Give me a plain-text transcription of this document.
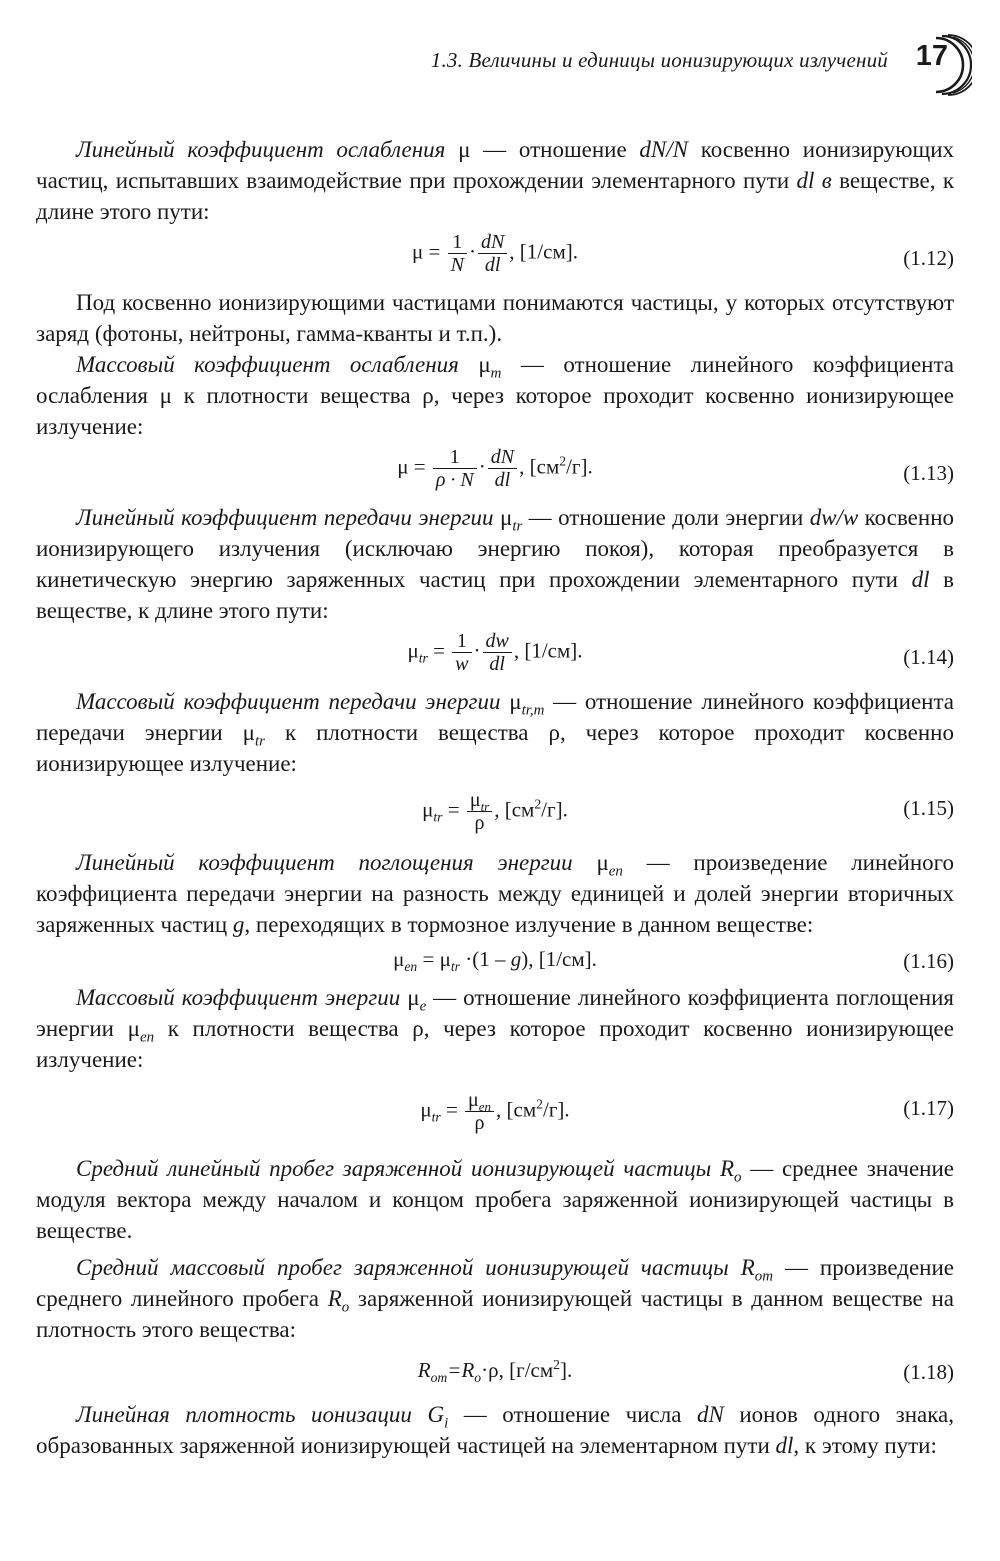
1.3. Величины и единицы ионизирующих излучений 17

Линейный коэффициент ослабления μ — отношение dN/N косвенно ионизирующих частиц, испытавших взаимодействие при прохождении элементарного пути dl в веществе, к длине этого пути:

$\mu = \frac{1}{N} \cdot \frac{dN}{dl}$ , [1/см].	(1.12)

Под косвенно ионизирующими частицами понимаются частицы, у которых отсутствуют заряд (фотоны, нейтроны, гамма-кванты и т.п.).

Массовый коэффициент ослабления $\mu_m$ — отношение линейного коэффициента ослабления μ к плотности вещества ρ, через которое проходит косвенно ионизирующее излучение:

$\mu = \frac{1}{\rho \cdot N} \cdot \frac{dN}{dl}$ , $[см^2/г]$.	(1.13)

Линейный коэффициент передачи энергии $\mu_{tr}$ — отношение доли энергии dw/w косвенно ионизирующего излучения (исключаю энергию покоя), которая преобразуется в кинетическую энергию заряженных частиц при прохождении элементарного пути dl в веществе, к длине этого пути:

$\mu_{tr} = \frac{1}{w} \cdot \frac{dw}{dl}$ , [1/см].	(1.14)

Массовый коэффициент передачи энергии $\mu_{tr,m}$ — отношение линейного коэффициента передачи энергии $\mu_{tr}$ к плотности вещества ρ, через которое проходит косвенно ионизирующее излучение:

$\mu_{tr} = \frac{\mu_{tr}}{\rho}$ , $[см^2/г]$.	(1.15)

Линейный коэффициент поглощения энергии $\mu_{en}$ — произведение линейного коэффициента передачи энергии на разность между единицей и долей энергии вторичных заряженных частиц g, переходящих в тормозное излучение в данном веществе:

$\mu_{en} = \mu_{tr} \cdot(1 - g)$, [1/см].	(1.16)

Массовый коэффициент энергии $\mu_e$ — отношение линейного коэффициента поглощения энергии $\mu_{en}$ к плотности вещества ρ, через которое проходит косвенно ионизирующее излучение:

$\mu_{tr} = \frac{\mu_{en}}{\rho}$ , $[см^2/г]$.	(1.17)

Средний линейный пробег заряженной ионизирующей частицы $R_o$ — среднее значение модуля вектора между началом и концом пробега заряженной ионизирующей частицы в веществе.

Средний массовый пробег заряженной ионизирующей частицы $R_{om}$ — произведение среднего линейного пробега $R_o$ заряженной ионизирующей частицы в данном веществе на плотность этого вещества:

$R_{om}=R_o\cdot\rho$, $[г/см^2]$.	(1.18)

Линейная плотность ионизации $G_i$ — отношение числа dN ионов одного знака, образованных заряженной ионизирующей частицей на элементарном пути dl, к этому пути:
